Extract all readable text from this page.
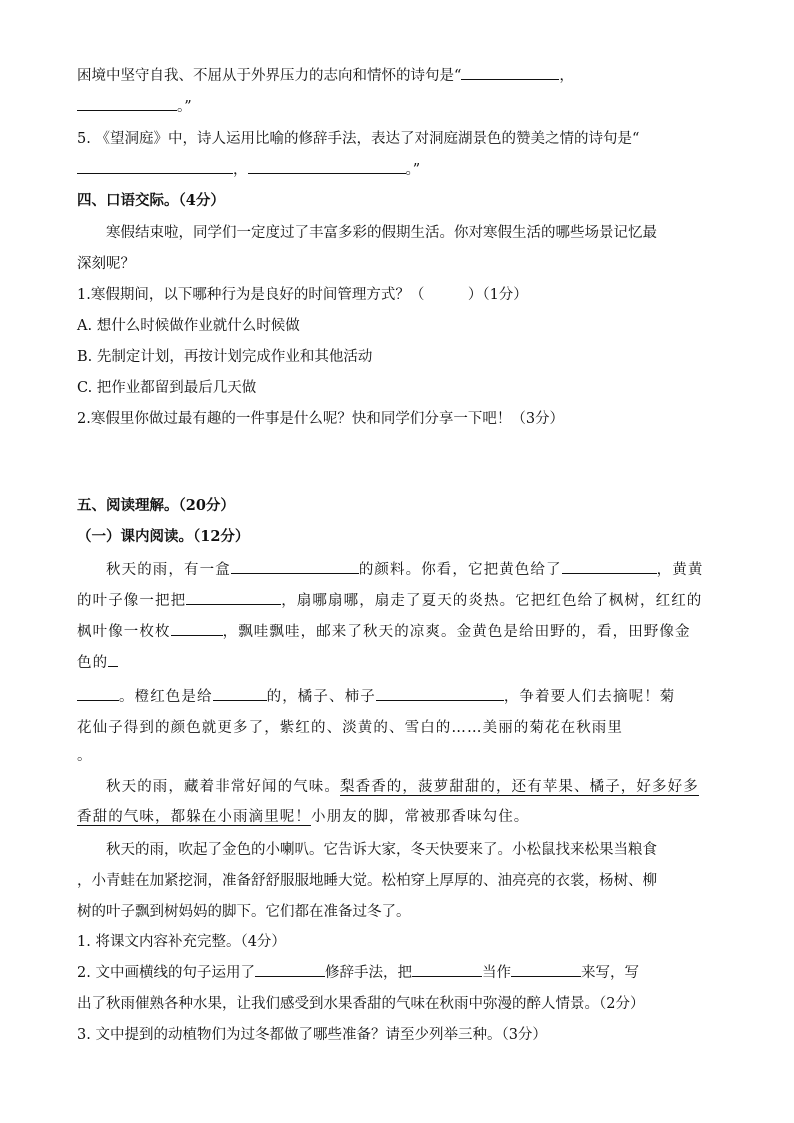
困境中坚守自我、不屈从于外界压力的志向和情怀的诗句是“	，
。”
5. 《望洞庭》中，诗人运用比喻的修辞手法，表达了对洞庭湖景色的赞美之情的诗句是“
，	。”
四、口语交际。（4分）
寒假结束啦，同学们一定度过了丰富多彩的假期生活。你对寒假生活的哪些场景记忆最
深刻呢？
1.寒假期间，以下哪种行为是良好的时间管理方式？（　　　）（1分）
A. 想什么时候做作业就什么时候做
B. 先制定计划，再按计划完成作业和其他活动
C. 把作业都留到最后几天做
2.寒假里你做过最有趣的一件事是什么呢？快和同学们分享一下吧！（3分）
五、阅读理解。（20分）
（一）课内阅读。（12分）
秋天的雨，有一盒	的颜料。你看，它把黄色给了	，黄黄
的叶子像一把把	，扇哪扇哪，扇走了夏天的炎热。它把红色给了枫树，红红的
枫叶像一枚枚	，飘哇飘哇，邮来了秋天的凉爽。金黄色是给田野的，看，田野像金
色的
。橙红色是给	的，橘子、柿子	，争着要人们去摘呢！菊
花仙子得到的颜色就更多了，紫红的、淡黄的、雪白的……美丽的菊花在秋雨里
。
秋天的雨，藏着非常好闻的气味。梨香香的，菠萝甜甜的，还有苹果、橘子，好多好多
香甜的气味，都躲在小雨滴里呢！小朋友的脚，常被那香味勾住。
秋天的雨，吹起了金色的小喇叭。它告诉大家，冬天快要来了。小松鼠找来松果当粮食
，小青蛙在加紧挖洞，准备舒舒服服地睡大觉。松柏穿上厚厚的、油亮亮的衣裳，杨树、柳
树的叶子飘到树妈妈的脚下。它们都在准备过冬了。
1. 将课文内容补充完整。（4分）
2. 文中画横线的句子运用了	修辞手法，把	当作	来写，写
出了秋雨催熟各种水果，让我们感受到水果香甜的气味在秋雨中弥漫的醉人情景。（2分）
3. 文中提到的动植物们为过冬都做了哪些准备？请至少列举三种。（3分）
